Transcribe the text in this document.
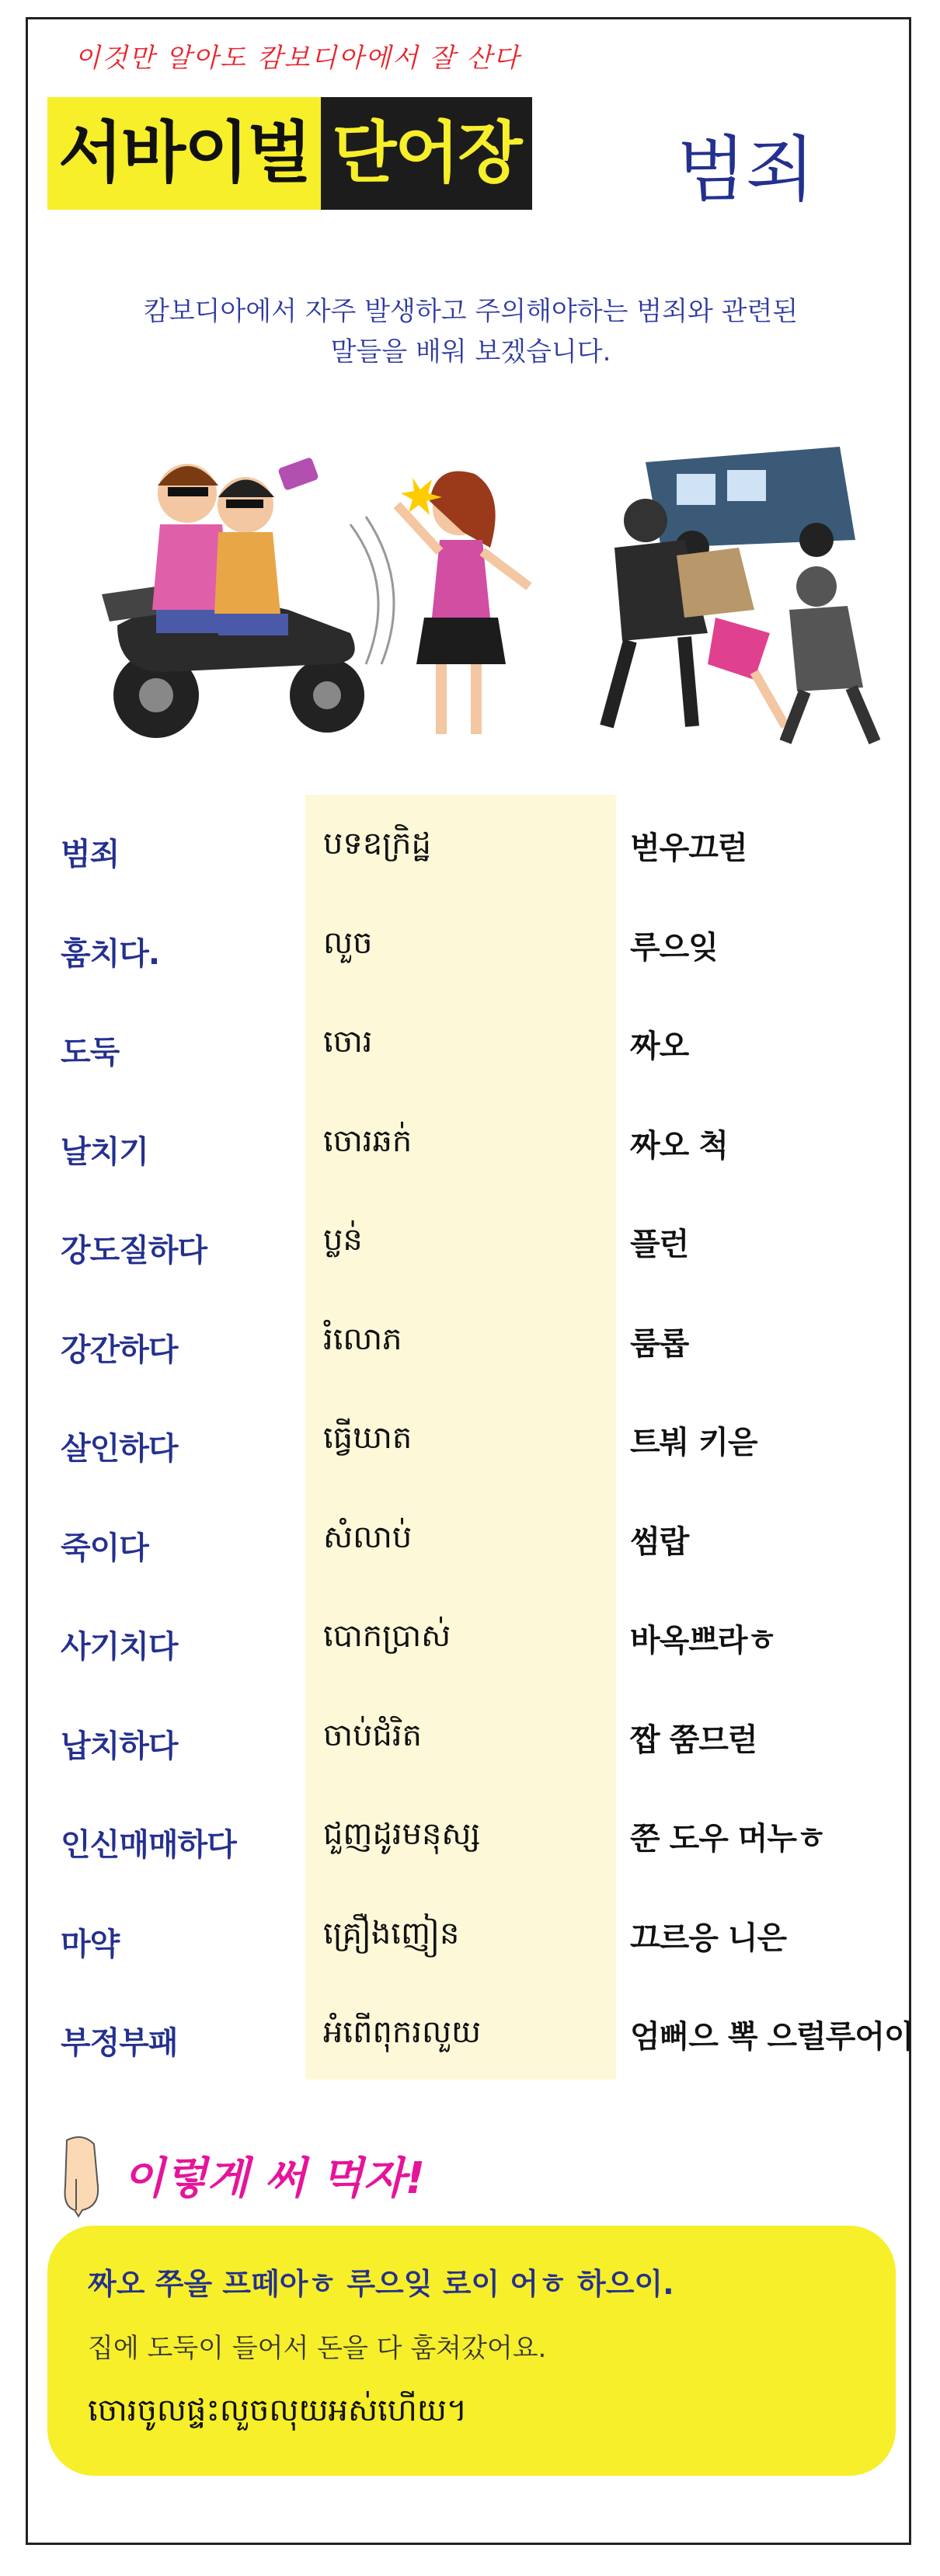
이것만 알아도 캄보디아에서 잘 산다
서바이벌 단어장 범죄
캄보디아에서 자주 발생하고 주의해야하는 범죄와 관련된
말들을 배워 보겠습니다.
범죄	បទឧក្រិដ្ឋ	벋우끄럳
훔치다.	លួច	루으잊
도둑	ចោរ	짜오
날치기	ចោរឆក់	짜오 척
강도질하다	ប្លន់	플런
강간하다	រំលោភ	룸롭
살인하다	ធ្វើឃាត	트붜 키읃
죽이다	សំលាប់	썸랍
사기치다	បោកប្រាស់	바옥쁘라ㅎ
납치하다	ចាប់ជំរិត	짭 쭘므럳
인신매매하다	ជួញដូរមនុស្ស	쭌 도우 머누ㅎ
마약	គ្រឿងញៀន	끄르응 니은
부정부패	អំពើពុករលួយ	엄뻐으 뽁 으럴루어이
이렇게 써 먹자!
짜오 쭈올 프떼아ㅎ 루으잊 로이 어ㅎ 하으이.
집에 도둑이 들어서 돈을 다 훔쳐갔어요.
ចោរចូលផ្ទះលួចលុយអស់ហើយ។
